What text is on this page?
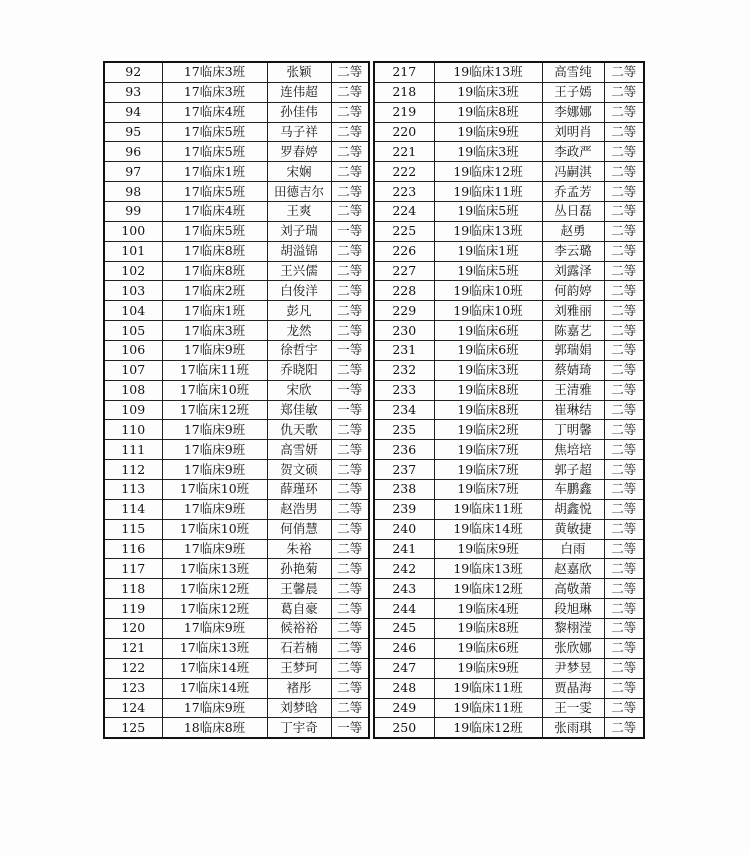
92	17临床3班	张颖	二等
93	17临床3班	连伟超	二等
94	17临床4班	孙佳伟	二等
95	17临床5班	马子祥	二等
96	17临床5班	罗春婷	二等
97	17临床1班	宋娴	二等
98	17临床5班	田德吉尔	二等
99	17临床4班	王爽	二等
100	17临床5班	刘子瑞	一等
101	17临床8班	胡溢锦	二等
102	17临床8班	王兴儒	二等
103	17临床2班	白俊洋	二等
104	17临床1班	彭凡	二等
105	17临床3班	龙然	二等
106	17临床9班	徐哲宇	一等
107	17临床11班	乔晓阳	二等
108	17临床10班	宋欣	一等
109	17临床12班	郑佳敏	一等
110	17临床9班	仇天歌	二等
111	17临床9班	高雪妍	二等
112	17临床9班	贺文硕	二等
113	17临床10班	薛瑾环	二等
114	17临床9班	赵浩男	二等
115	17临床10班	何俏慧	二等
116	17临床9班	朱裕	二等
117	17临床13班	孙艳菊	二等
118	17临床12班	王馨晨	二等
119	17临床12班	葛自豪	二等
120	17临床9班	候裕裕	二等
121	17临床13班	石若楠	二等
122	17临床14班	王梦珂	二等
123	17临床14班	褚彤	二等
124	17临床9班	刘梦晗	二等
125	18临床8班	丁宇奇	一等
217	19临床13班	高雪纯	二等
218	19临床3班	王子嫣	二等
219	19临床8班	李娜娜	二等
220	19临床9班	刘明肖	二等
221	19临床3班	李政严	二等
222	19临床12班	冯嗣淇	二等
223	19临床11班	乔孟芳	二等
224	19临床5班	丛日磊	二等
225	19临床13班	赵勇	二等
226	19临床1班	李云璐	二等
227	19临床5班	刘露泽	二等
228	19临床10班	何韵婷	二等
229	19临床10班	刘雅丽	二等
230	19临床6班	陈嘉艺	二等
231	19临床6班	郭瑞娟	二等
232	19临床3班	蔡婧琦	二等
233	19临床8班	王清雅	二等
234	19临床8班	崔琳结	二等
235	19临床2班	丁明馨	二等
236	19临床7班	焦培培	二等
237	19临床7班	郭子超	二等
238	19临床7班	车鹏鑫	二等
239	19临床11班	胡鑫悦	二等
240	19临床14班	黄敏捷	二等
241	19临床9班	白雨	二等
242	19临床13班	赵嘉欣	二等
243	19临床12班	高敬萧	二等
244	19临床4班	段旭琳	二等
245	19临床8班	黎栩滢	二等
246	19临床6班	张欣娜	二等
247	19临床9班	尹梦昱	二等
248	19临床11班	贾晶海	二等
249	19临床11班	王一雯	二等
250	19临床12班	张雨琪	二等
